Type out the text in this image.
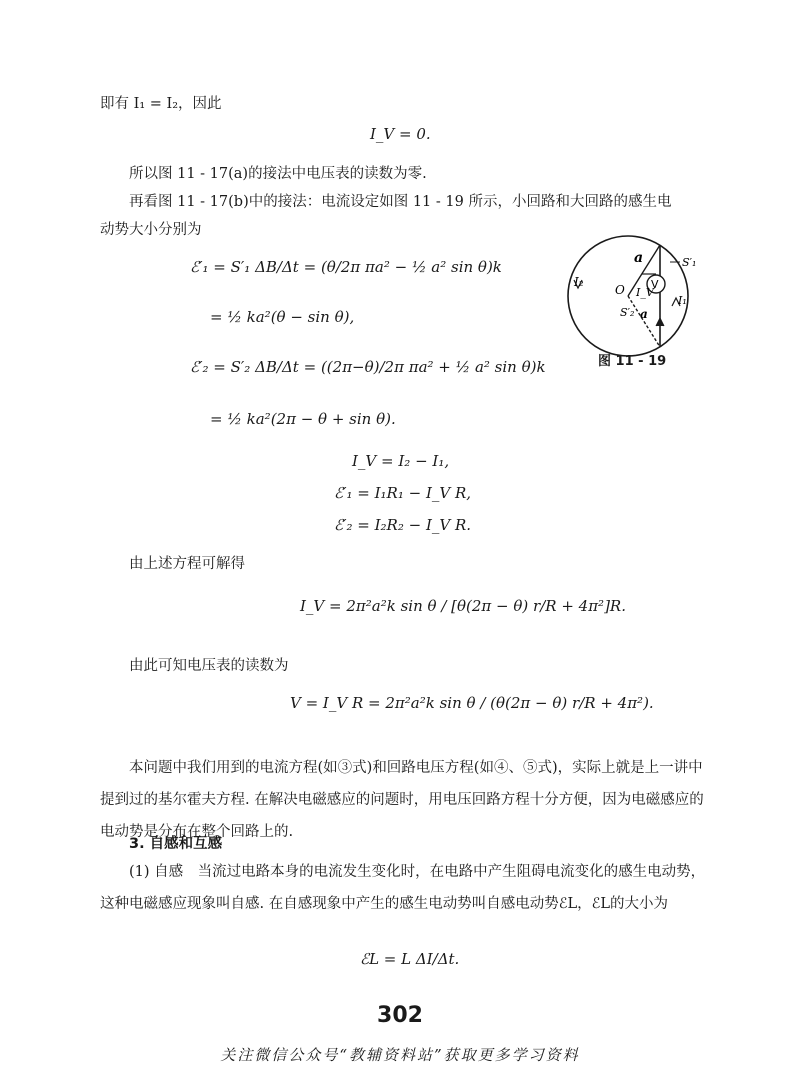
即有 I₁ = I₂，因此
I_V = 0.
所以图 11 - 17(a)的接法中电压表的读数为零.
再看图 11 - 17(b)中的接法：电流设定如图 11 - 19 所示，小回路和大回路的感生电
动势大小分别为
ℰ′₁ = S′₁ ΔB/Δt = (θ/2π πa² − ½ a² sin θ)k
= ½ ka²(θ − sin θ),
ℰ′₂ = S′₂ ΔB/Δt = ((2π−θ)/2π πa² + ½ a² sin θ)k
= ½ ka²(2π − θ + sin θ).
a	S′₁
I₂
O I_V
V
I₁
S′₂ a
图 11 - 19
I_V = I₂ − I₁,
ℰ′₁ = I₁R₁ − I_V R,
ℰ′₂ = I₂R₂ − I_V R.
由上述方程可解得
I_V = 2π²a²k sin θ / [θ(2π − θ) r/R + 4π²]R.
由此可知电压表的读数为
V = I_V R = 2π²a²k sin θ / (θ(2π − θ) r/R + 4π²).
本问题中我们用到的电流方程(如③式)和回路电压方程(如④、⑤式)，实际上就是上一讲中提到过的基尔霍夫方程. 在解决电磁感应的问题时，用电压回路方程十分方便，因为电磁感应的电动势是分布在整个回路上的.
3. 自感和互感
(1) 自感　当流过电路本身的电流发生变化时，在电路中产生阻碍电流变化的感生电动势，这种电磁感应现象叫自感. 在自感现象中产生的感生电动势叫自感电动势ℰL，ℰL的大小为
ℰL = L ΔI/Δt.
302
关注微信公众号“教辅资料站”获取更多学习资料
